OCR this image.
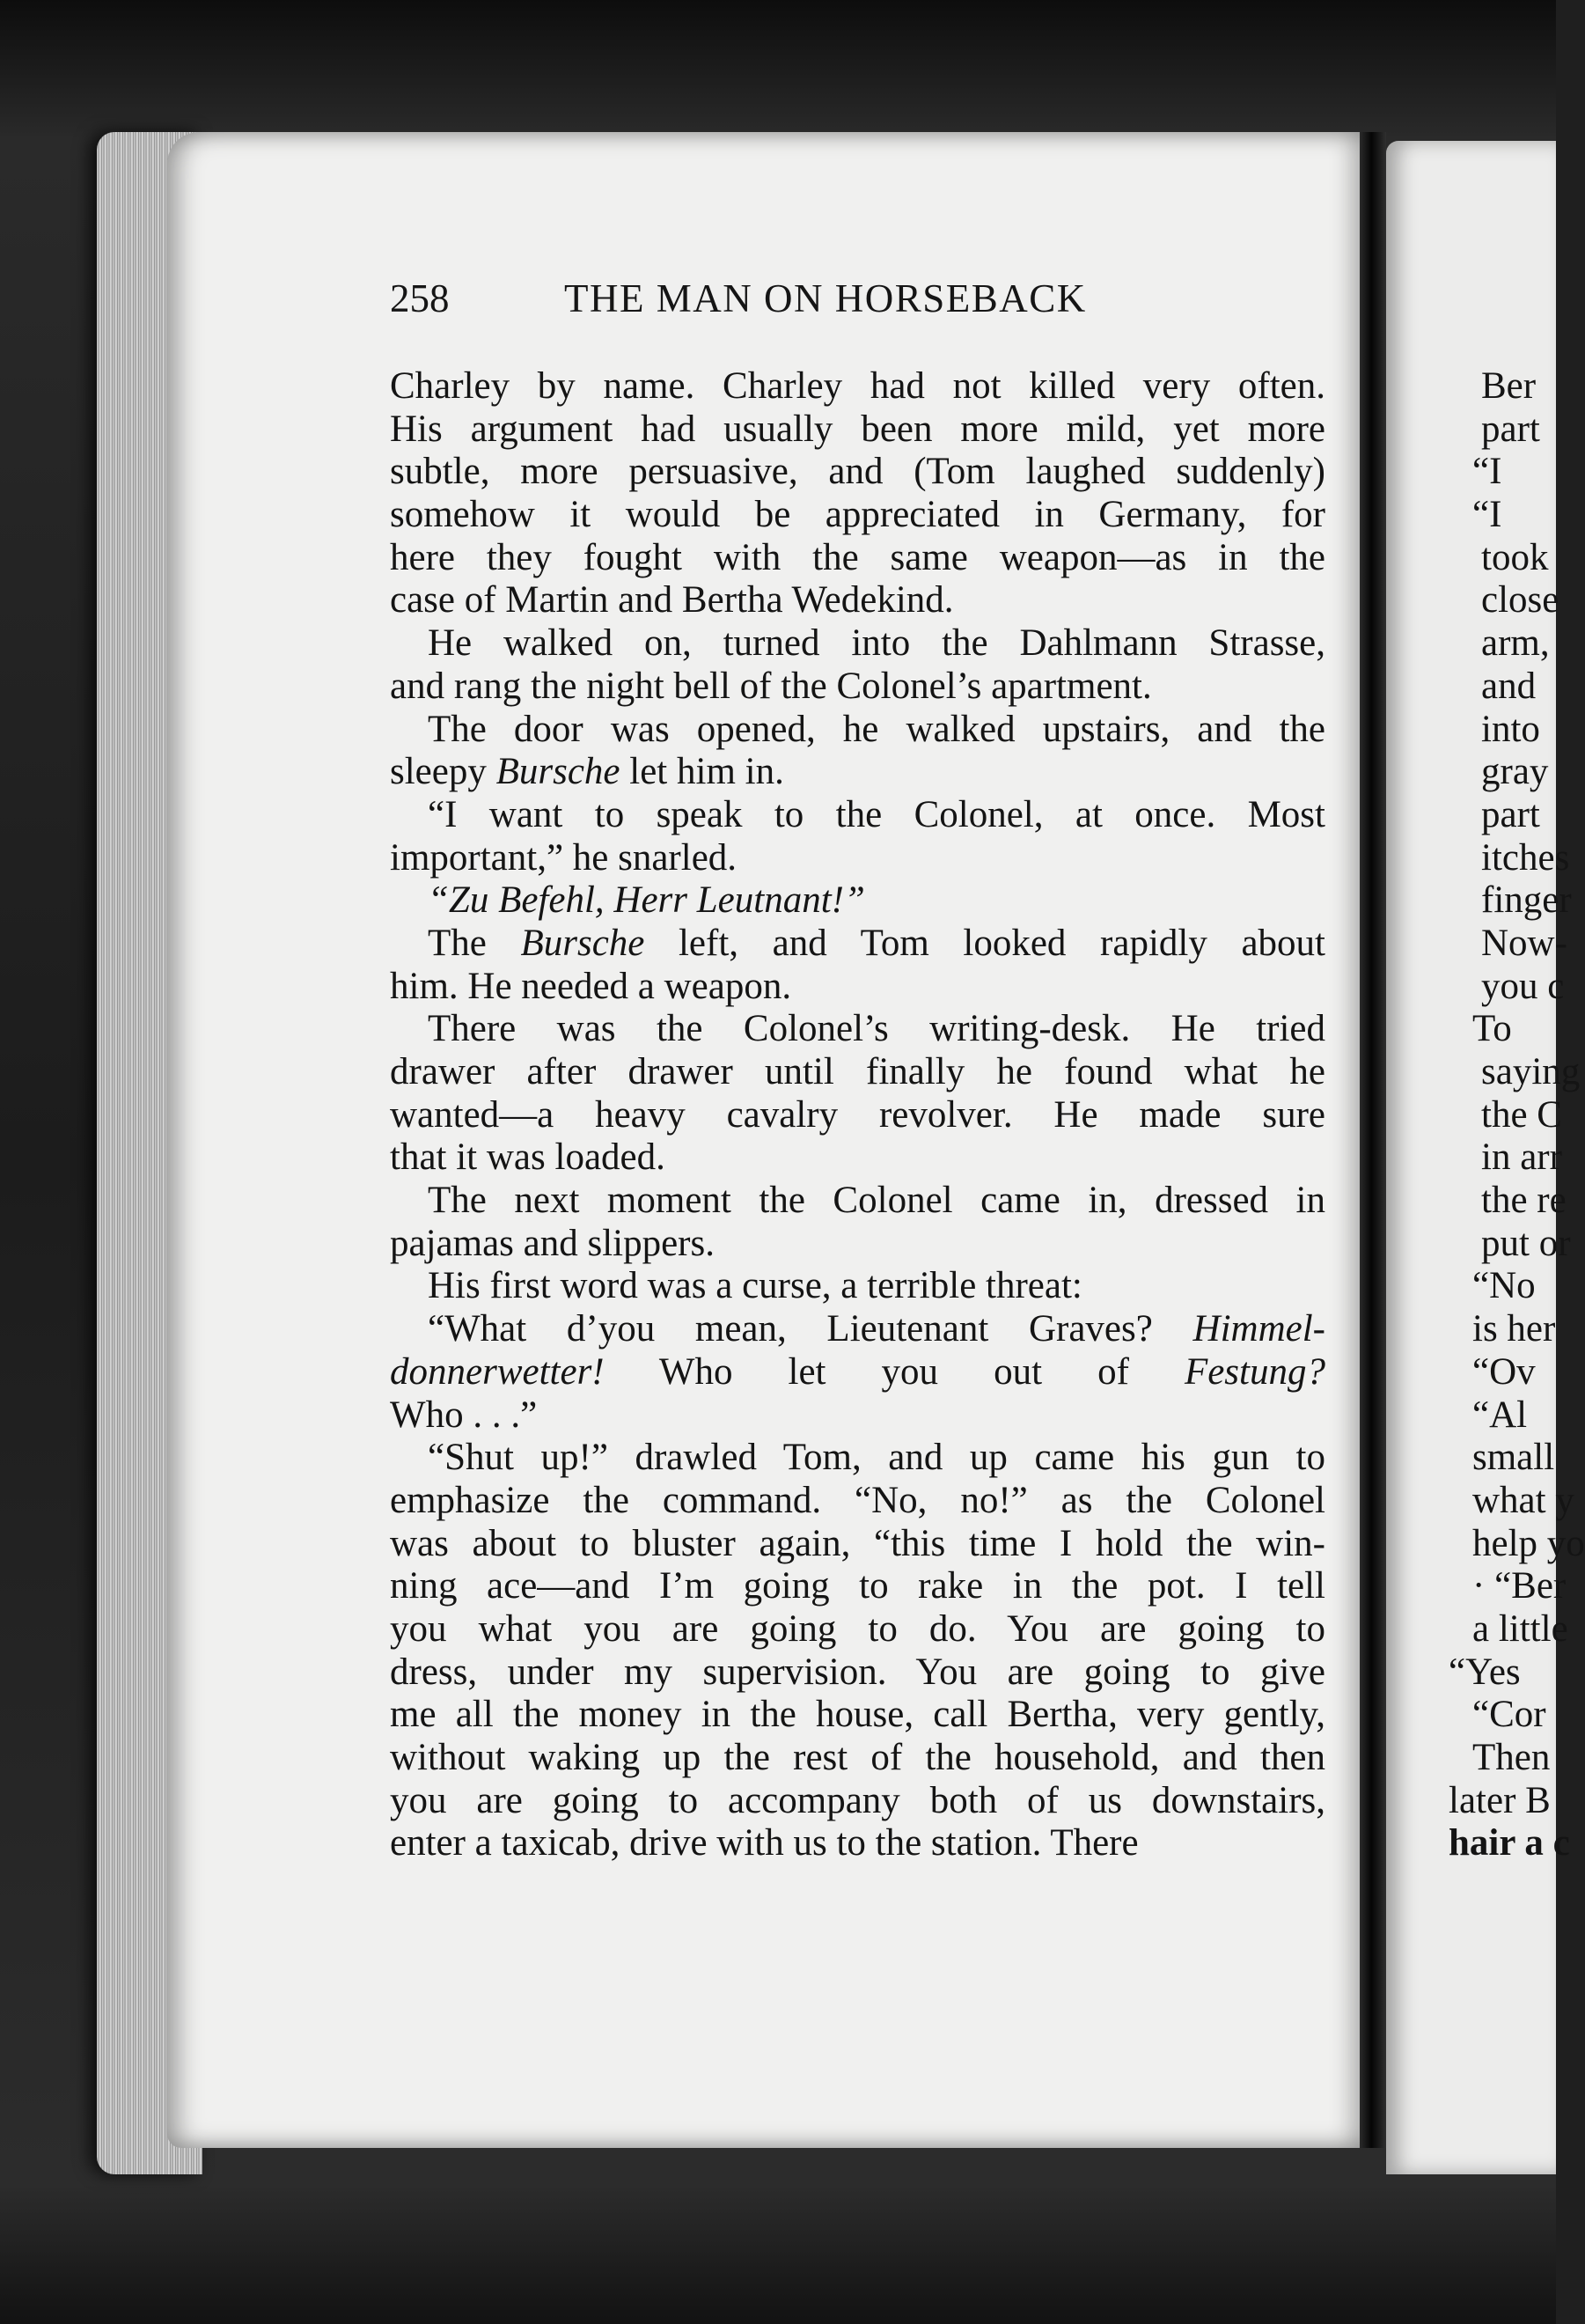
258	THE MAN ON HORSEBACK
Charley by name. Charley had not killed very often.
His argument had usually been more mild, yet more
subtle, more persuasive, and (Tom laughed suddenly)
somehow it would be appreciated in Germany, for
here they fought with the same weapon—as in the
case of Martin and Bertha Wedekind.
He walked on, turned into the Dahlmann Strasse,
and rang the night bell of the Colonel’s apartment.
The door was opened, he walked upstairs, and the
sleepy Bursche let him in.
“I want to speak to the Colonel, at once. Most
important,” he snarled.
“Zu Befehl, Herr Leutnant!”
The Bursche left, and Tom looked rapidly about
him. He needed a weapon.
There was the Colonel’s writing-desk. He tried
drawer after drawer until finally he found what he
wanted—a heavy cavalry revolver. He made sure
that it was loaded.
The next moment the Colonel came in, dressed in
pajamas and slippers.
His first word was a curse, a terrible threat:
“What d’you mean, Lieutenant Graves? Himmel-
donnerwetter! Who let you out of Festung?
Who . . .”
“Shut up!” drawled Tom, and up came his gun to
emphasize the command. “No, no!” as the Colonel
was about to bluster again, “this time I hold the win-
ning ace—and I’m going to rake in the pot. I tell
you what you are going to do. You are going to
dress, under my supervision. You are going to give
me all the money in the house, call Bertha, very gently,
without waking up the rest of the household, and then
you are going to accompany both of us downstairs,
enter a taxicab, drive with us to the station. There
Ber
part
“I
“I
took
close
arm,
and
into
gray
part
itches
finger
Now-
you c
To
saying
the C
in arr
the re
put or
“No
is her
“Ov
“Al
small
what y
help yo
· “Ber
a little
“Yes
“Cor
Then
later B
hair a c
